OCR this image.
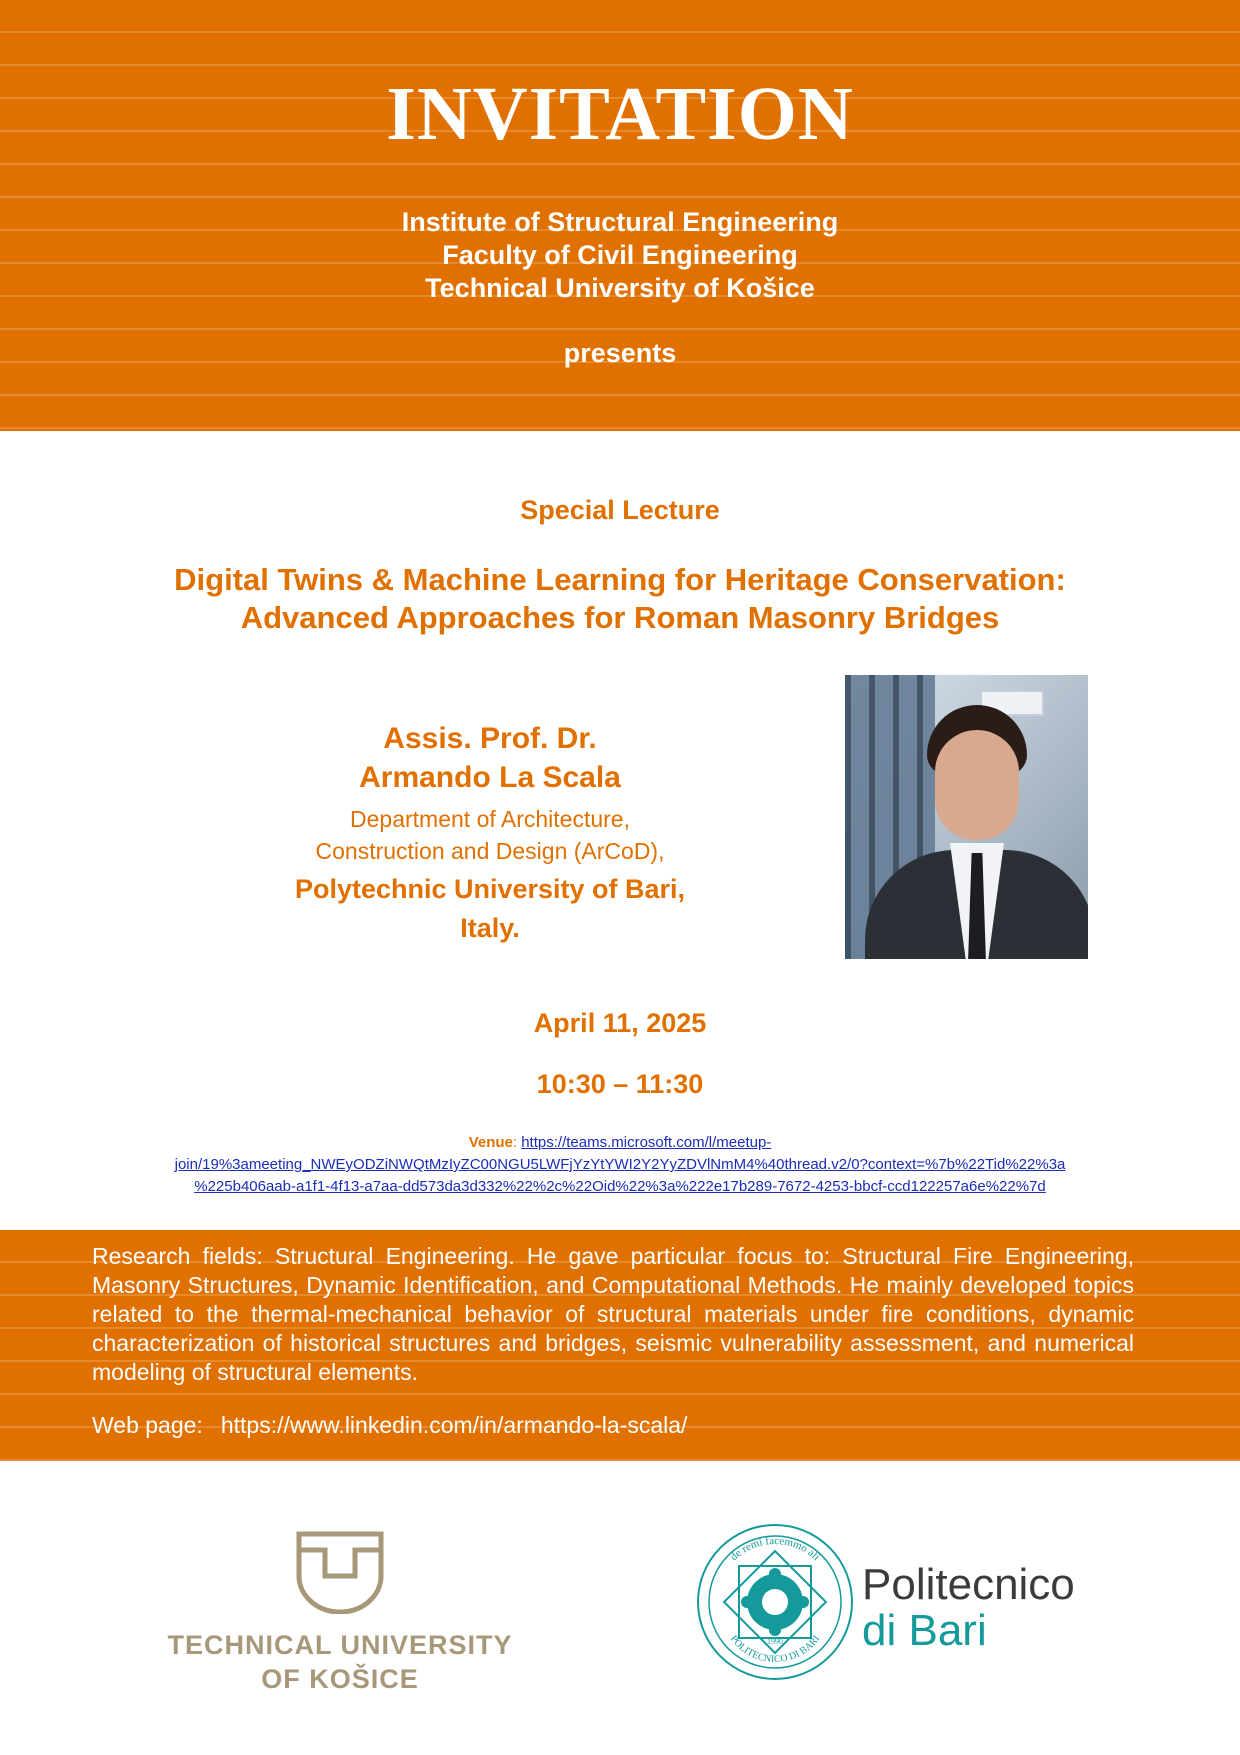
INVITATION
Institute of Structural Engineering
Faculty of Civil Engineering
Technical University of Košice
presents
Special Lecture
Digital Twins & Machine Learning for Heritage Conservation:
Advanced Approaches for Roman Masonry Bridges
Assis. Prof. Dr.
Armando La Scala
Department of Architecture,
Construction and Design (ArCoD),
Polytechnic University of Bari,
Italy.
April 11, 2025
10:30 – 11:30
Venue: https://teams.microsoft.com/l/meetup-
join/19%3ameeting_NWEyODZiNWQtMzIyZC00NGU5LWFjYzYtYWI2Y2YyZDVlNmM4%40thread.v2/0?context=%7b%22Tid%22%3a
%225b406aab-a1f1-4f13-a7aa-dd573da3d332%22%2c%22Oid%22%3a%222e17b289-7672-4253-bbcf-ccd122257a6e%22%7d
Research fields: Structural Engineering. He gave particular focus to: Structural Fire Engineering, Masonry Structures, Dynamic Identification, and Computational Methods. He mainly developed topics related to the thermal-mechanical behavior of structural materials under fire conditions, dynamic characterization of historical structures and bridges, seismic vulnerability assessment, and numerical modeling of structural elements.
Web page: https://www.linkedin.com/in/armando-la-scala/
TECHNICAL UNIVERSITY
OF KOŠICE
de remi facemmo ali
POLITECNICO DI BARI
1990
Politecnico
di Bari
